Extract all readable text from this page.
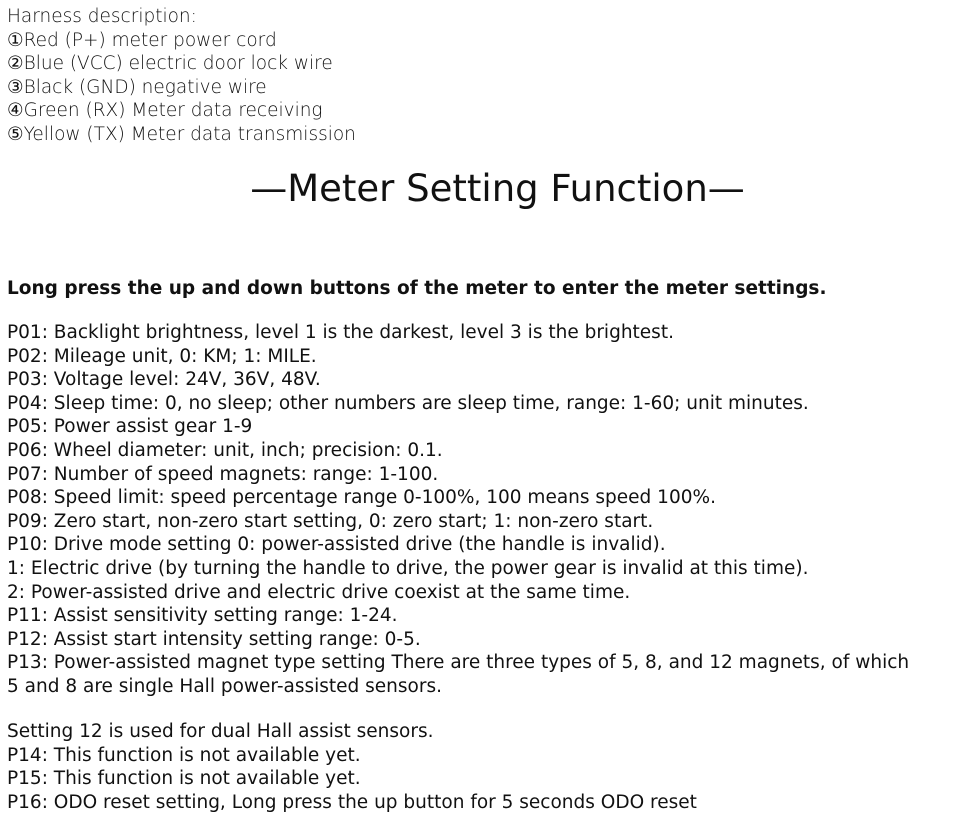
Harness description:
①Red (P+) meter power cord
②Blue (VCC) electric door lock wire
③Black (GND) negative wire
④Green (RX) Meter data receiving
⑤Yellow (TX) Meter data transmission
—Meter Setting Function—
Long press the up and down buttons of the meter to enter the meter settings.
P01: Backlight brightness, level 1 is the darkest, level 3 is the brightest.
P02: Mileage unit, 0: KM; 1: MILE.
P03: Voltage level: 24V, 36V, 48V.
P04: Sleep time: 0, no sleep; other numbers are sleep time, range: 1-60; unit minutes.
P05: Power assist gear 1-9
P06: Wheel diameter: unit, inch; precision: 0.1.
P07: Number of speed magnets: range: 1-100.
P08: Speed limit: speed percentage range 0-100%, 100 means speed 100%.
P09: Zero start, non-zero start setting, 0: zero start; 1: non-zero start.
P10: Drive mode setting 0: power-assisted drive (the handle is invalid).
1: Electric drive (by turning the handle to drive, the power gear is invalid at this time).
2: Power-assisted drive and electric drive coexist at the same time.
P11: Assist sensitivity setting range: 1-24.
P12: Assist start intensity setting range: 0-5.
P13: Power-assisted magnet type setting There are three types of 5, 8, and 12 magnets, of which
5 and 8 are single Hall power-assisted sensors.
Setting 12 is used for dual Hall assist sensors.
P14: This function is not available yet.
P15: This function is not available yet.
P16: ODO reset setting, Long press the up button for 5 seconds ODO reset
